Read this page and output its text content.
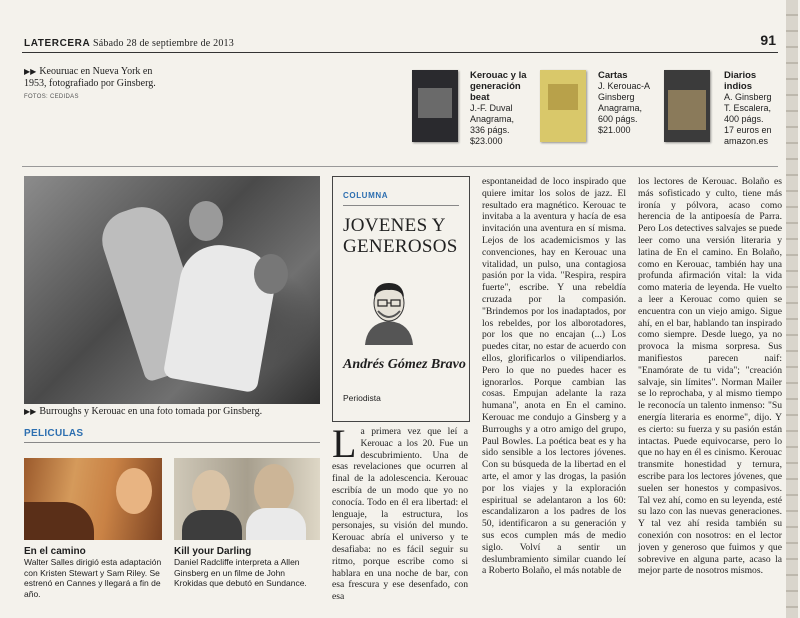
LATERCERA Sábado 28 de septiembre de 2013	91
▶▶ Keouruac en Nueva York en 1953, fotografiado por Ginsberg. FOTOS: CEDIDAS
Kerouac y la generación beat
J.-F. Duval
Anagrama,
336 págs.
$23.000
Cartas
J. Kerouac-A
Ginsberg
Anagrama,
600 págs.
$21.000
Diarios indios
A. Ginsberg
T. Escalera,
400 págs.
17 euros en
amazon.es
▶▶ Burroughs y Kerouac en una foto tomada por Ginsberg.
PELICULAS
En el camino
Walter Salles dirigió esta adaptación con Kristen Stewart y Sam Riley. Se estrenó en Cannes y llegará a fin de año.
Kill your Darling
Daniel Radcliffe interpreta a Allen Ginsberg en un filme de John Krokidas que debutó en Sundance.
COLUMNA
JOVENES Y GENEROSOS
Andrés Gómez Bravo
Periodista
La primera vez que leí a Kerouac a los 20. Fue un descubrimiento. Una de esas revelaciones que ocurren al final de la adolescencia. Kerouac escribía de un modo que yo no conocía. Todo en él era libertad: el lenguaje, la estructura, los personajes, su visión del mundo. Kerouac abría el universo y te desafiaba: no es fácil seguir su ritmo, porque escribe como si hablara en una noche de bar, con esa frescura y ese desenfado, con esa
espontaneidad de loco inspirado que quiere imitar los solos de jazz. El resultado era magnético. Kerouac te invitaba a la aventura y hacía de esa invitación una aventura en sí misma. Lejos de los academicismos y las convenciones, hay en Kerouac una vitalidad, un pulso, una contagiosa pasión por la vida. "Respira, respira fuerte", escribe. Y una rebeldía cruzada por la compasión. "Brindemos por los inadaptados, por los rebeldes, por los alborotadores, por los que no encajan (...) Los puedes citar, no estar de acuerdo con ellos, glorificarlos o vilipendiarlos. Pero lo que no puedes hacer es ignorarlos. Porque cambian las cosas. Empujan adelante la raza humana", anota en En el camino. Kerouac me condujo a Ginsberg y a Burroughs y a otro amigo del grupo, Paul Bowles. La poética beat es y ha sido sensible a los lectores jóvenes. Con su búsqueda de la libertad en el arte, el amor y las drogas, la pasión por los viajes y la exploración espiritual se adelantaron a los 60: escandalizaron a los padres de los 50, identificaron a su generación y sus ecos cumplen más de medio siglo. Volví a sentir un deslumbramiento similar cuando leí a Roberto Bolaño, el más notable de
los lectores de Kerouac. Bolaño es más sofisticado y culto, tiene más ironía y pólvora, acaso como herencia de la antipoesía de Parra. Pero Los detectives salvajes se puede leer como una versión literaria y latina de En el camino. En Bolaño, como en Kerouac, también hay una profunda afirmación vital: la vida como materia de leyenda. He vuelto a leer a Kerouac como quien se encuentra con un viejo amigo. Sigue ahí, en el bar, hablando tan inspirado como siempre. Desde luego, ya no provoca la misma sorpresa. Sus manifiestos parecen naif: "Enamórate de tu vida"; "creación salvaje, sin límites". Norman Mailer se lo reprochaba, y al mismo tiempo le reconocía un talento inmenso: "Su energía literaria es enorme", dijo. Y es cierto: su fuerza y su pasión están intactas. Puede equivocarse, pero lo que no hay en él es cinismo. Kerouac transmite honestidad y ternura, escribe para los lectores jóvenes, que suelen ser honestos y compasivos. Tal vez ahí, como en su leyenda, esté su lazo con las nuevas generaciones. Y tal vez ahí resida también su conexión con nosotros: en el lector joven y generoso que fuimos y que sobrevive en alguna parte, acaso la mejor parte de nosotros mismos.
